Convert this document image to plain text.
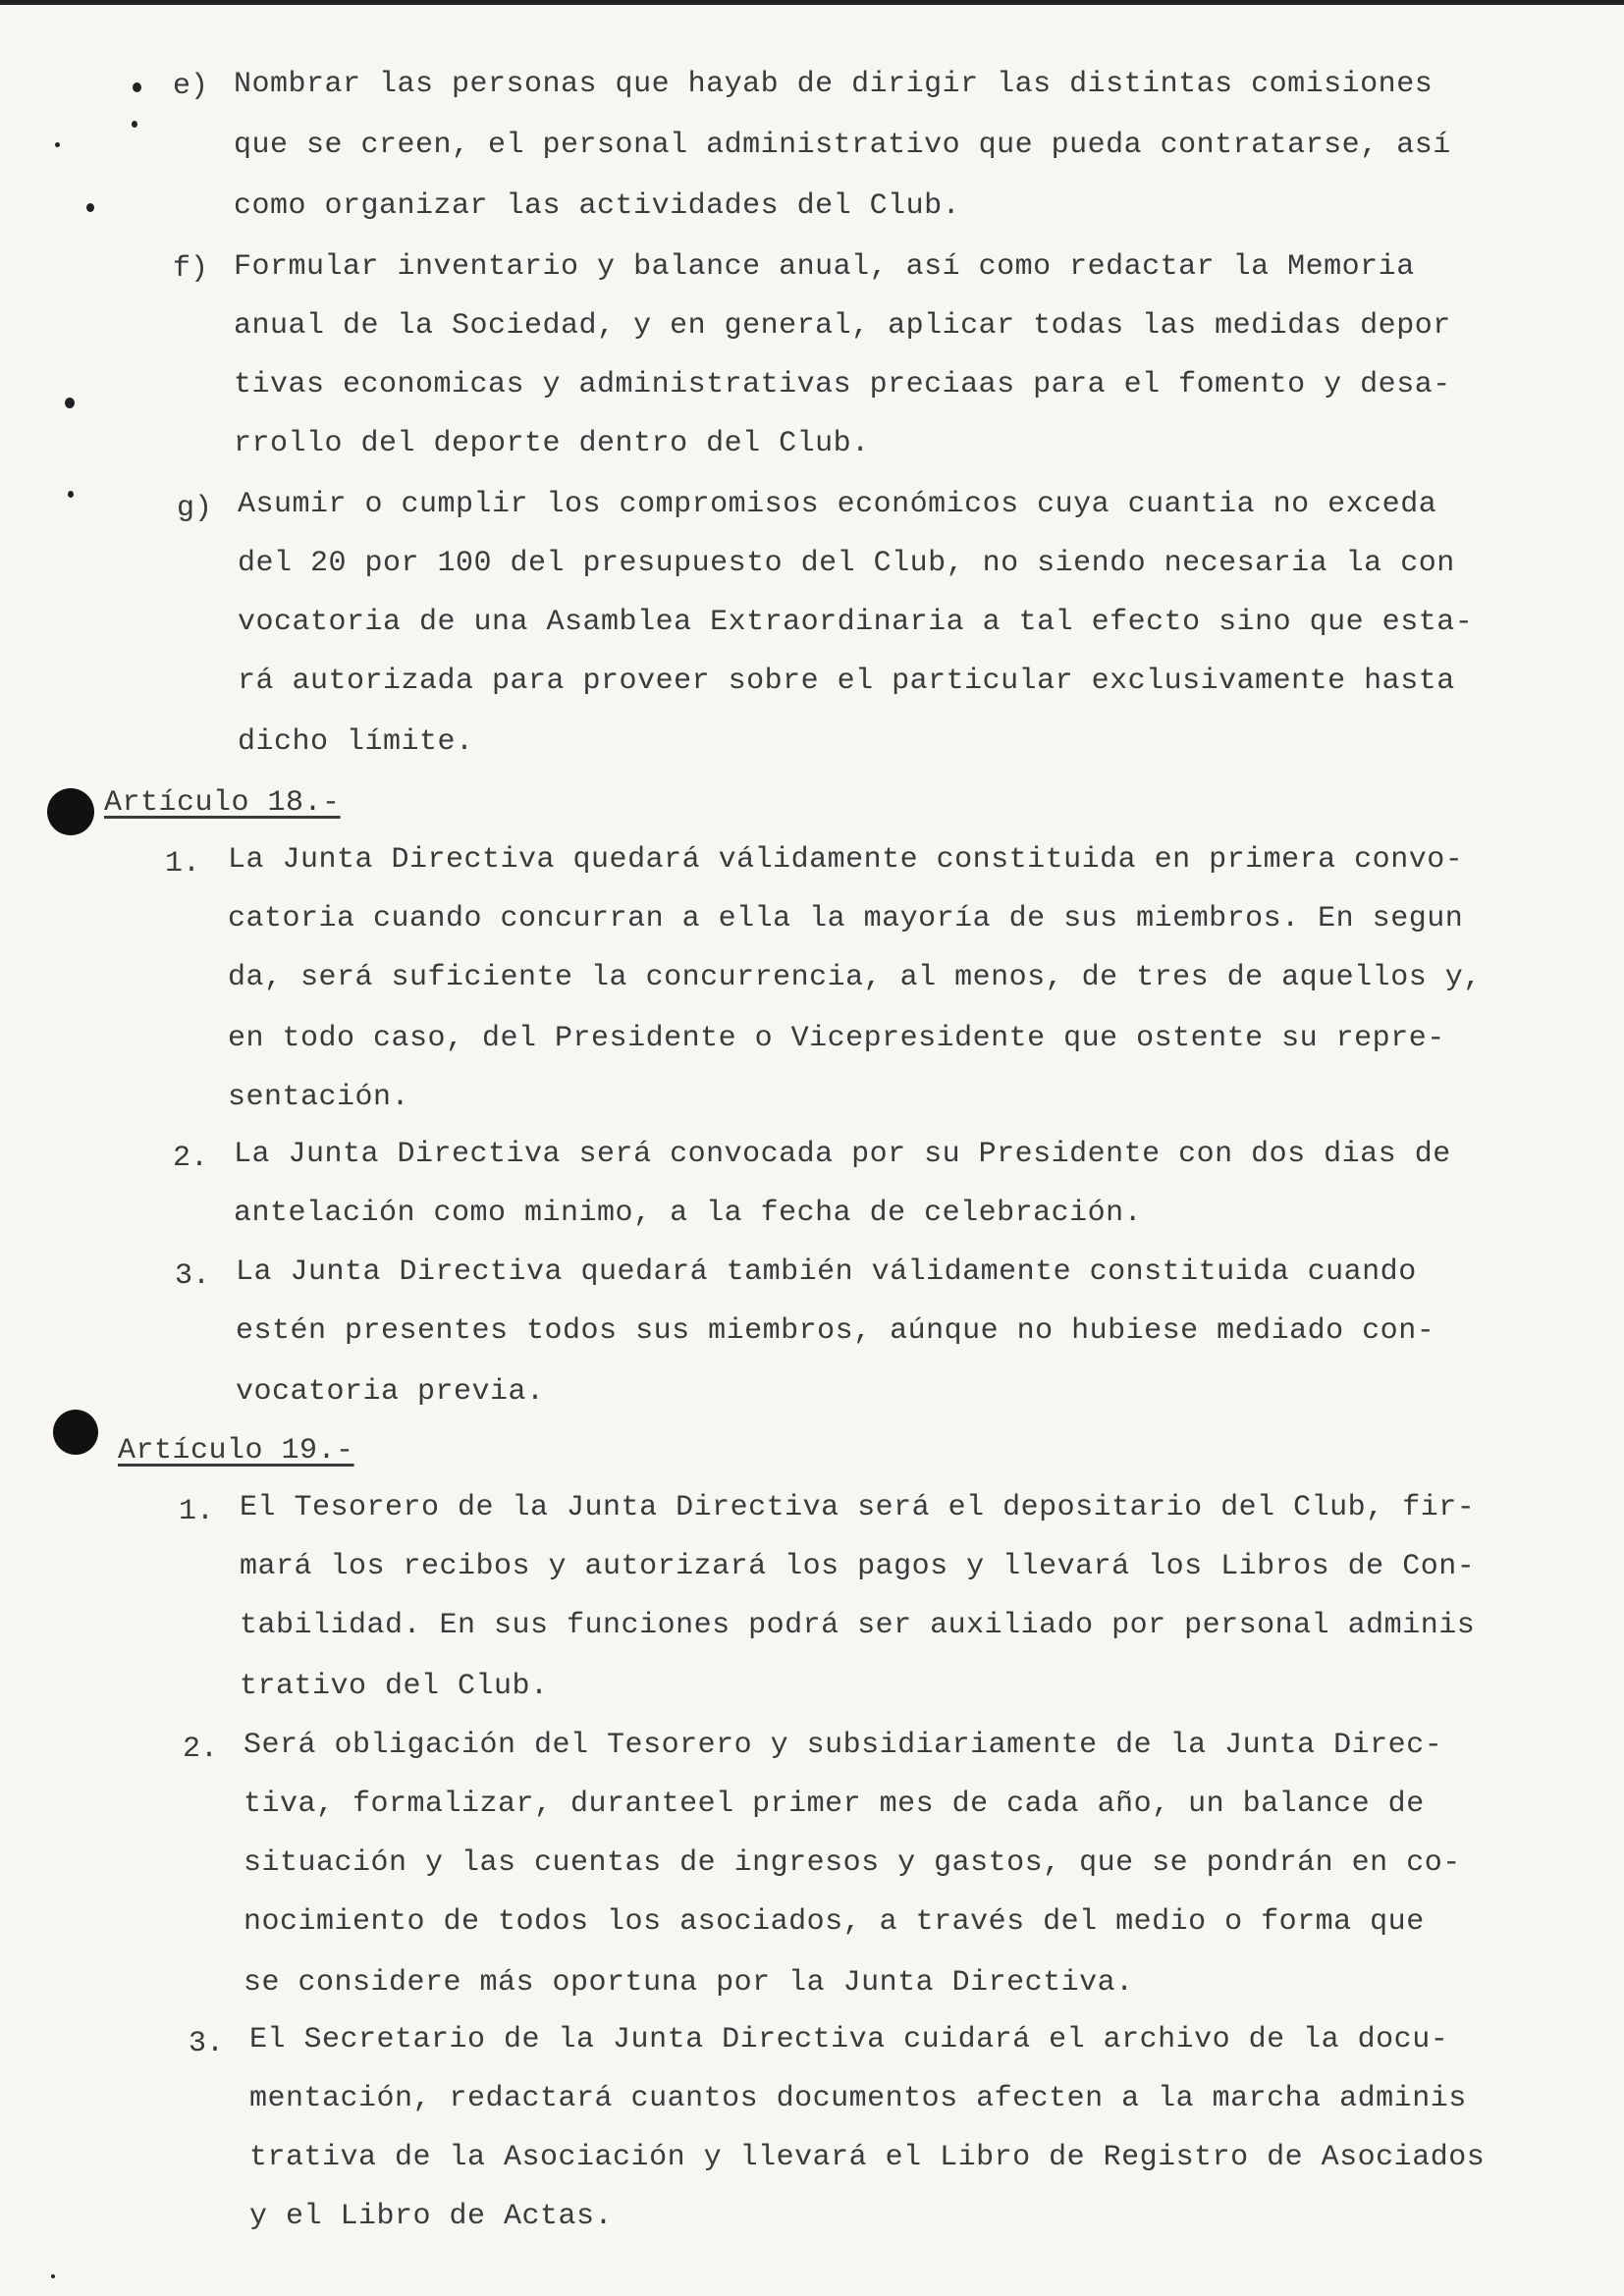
e) Nombrar las personas que hayab de dirigir las distintas comisiones

que se creen, el personal administrativo que pueda contratarse, así

como organizar las actividades del Club.

f) Formular inventario y balance anual, así como redactar la Memoria

anual de la Sociedad, y en general, aplicar todas las medidas depor

tivas economicas y administrativas preciaas para el fomento y desa-

rrollo del deporte dentro del Club.

g) Asumir o cumplir los compromisos económicos cuya cuantia no exceda

del 20 por 100 del presupuesto del Club, no siendo necesaria la con

vocatoria de una Asamblea Extraordinaria a tal efecto sino que esta-

rá autorizada para proveer sobre el particular exclusivamente hasta

dicho límite.

Artículo 18.-

1. La Junta Directiva quedará válidamente constituida en primera convo-

catoria cuando concurran a ella la mayoría de sus miembros. En segun

da, será suficiente la concurrencia, al menos, de tres de aquellos y,

en todo caso, del Presidente o Vicepresidente que ostente su repre-

sentación.

2. La Junta Directiva será convocada por su Presidente con dos dias de

antelación como minimo, a la fecha de celebración.

3. La Junta Directiva quedará también válidamente constituida cuando

estén presentes todos sus miembros, aúnque no hubiese mediado con-

vocatoria previa.

Artículo 19.-

1. El Tesorero de la Junta Directiva será el depositario del Club, fir-

mará los recibos y autorizará los pagos y llevará los Libros de Con-

tabilidad. En sus funciones podrá ser auxiliado por personal adminis

trativo del Club.

2. Será obligación del Tesorero y subsidiariamente de la Junta Direc-

tiva, formalizar, duranteel primer mes de cada año, un balance de

situación y las cuentas de ingresos y gastos, que se pondrán en co-

nocimiento de todos los asociados, a través del medio o forma que

se considere más oportuna por la Junta Directiva.

3. El Secretario de la Junta Directiva cuidará el archivo de la docu-

mentación, redactará cuantos documentos afecten a la marcha adminis

trativa de la Asociación y llevará el Libro de Registro de Asociados

y el Libro de Actas.
